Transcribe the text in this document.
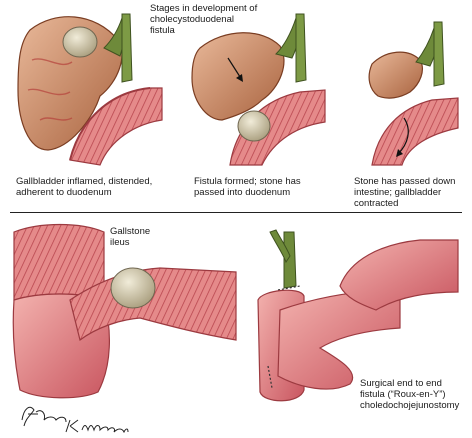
Stages in development of
cholecystoduodenal
fistula
Gallbladder inflamed, distended,
adherent to duodenum
Fistula formed; stone has
passed into duodenum
Stone has passed down
intestine; gallbladder
contracted
Gallstone
ileus
Surgical end to end
fistula (“Roux-en-Y”)
choledochojejunostomy
